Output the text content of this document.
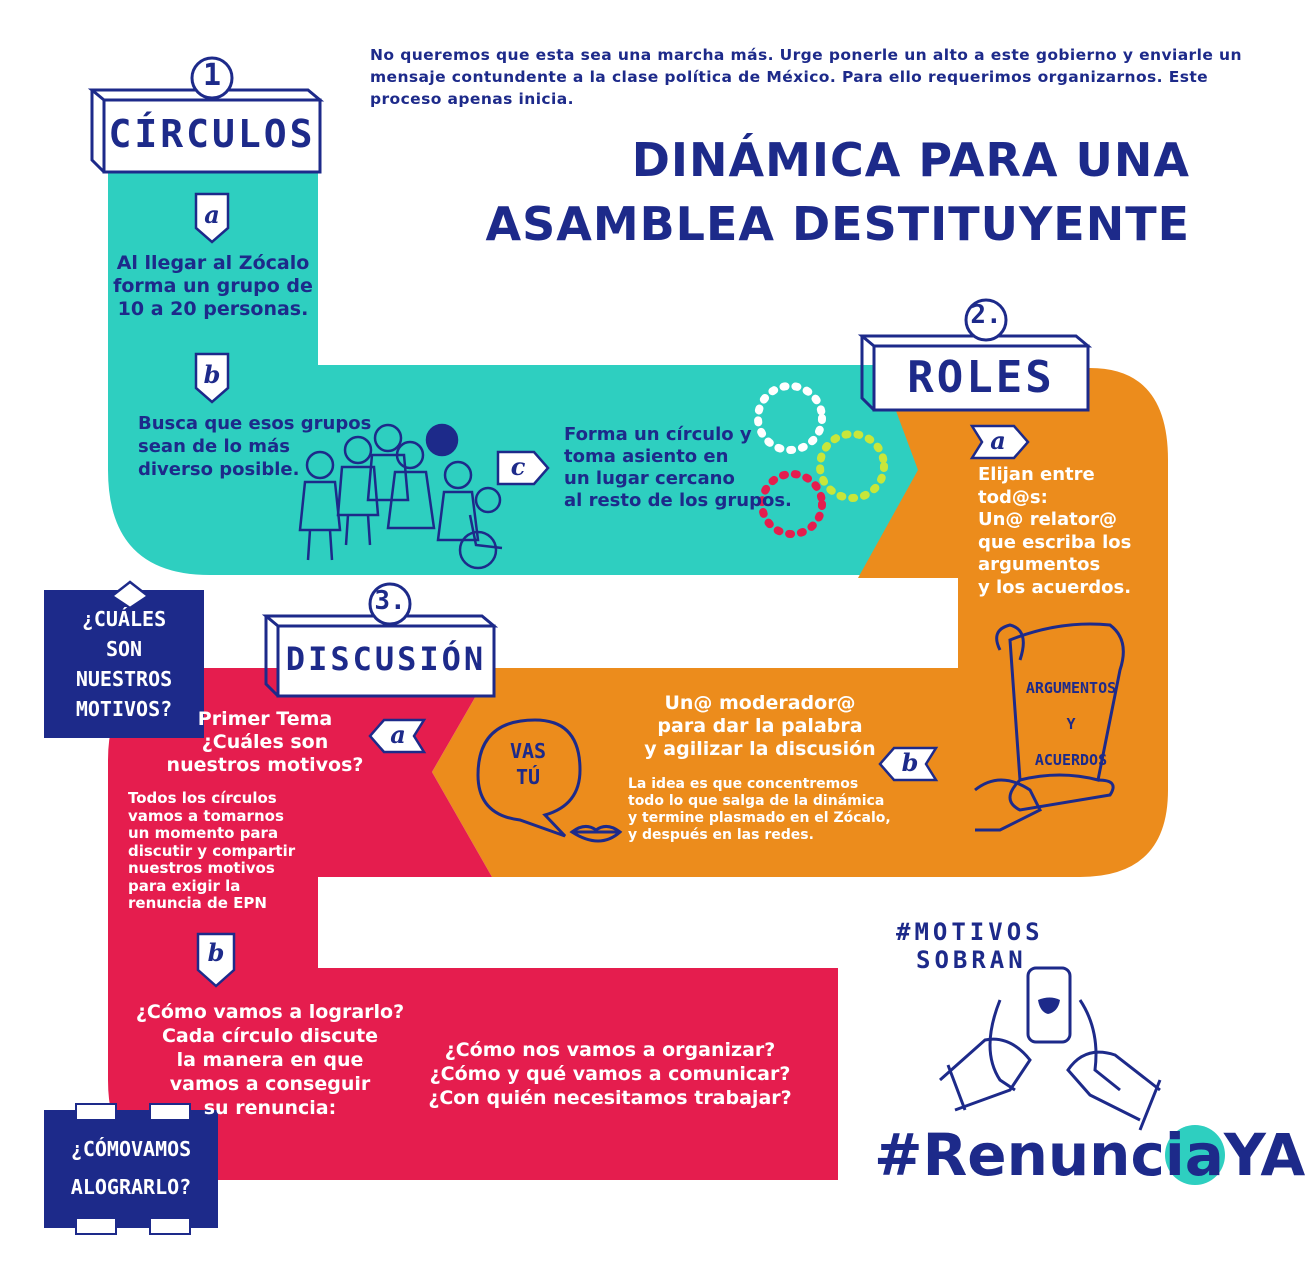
No queremos que esta sea una marcha más. Urge ponerle un alto a este gobierno y enviarle un mensaje contundente a la clase política de México. Para ello requerimos organizarnos. Este proceso apenas inicia.
DINÁMICA PARA UNA
ASAMBLEA DESTITUYENTE
1
2.
3.
CÍRCULOS
ROLES
DISCUSIÓN
a
b
c
a
b
a
b
Al llegar al Zócalo
forma un grupo de
10 a 20 personas.
Busca que esos grupos
sean de lo más
diverso posible.
Forma un círculo y
toma asiento en
un lugar cercano
al resto de los grupos.
Elijan entre
tod@s:
Un@ relator@
que escriba los
argumentos
y los acuerdos.
ARGUMENTOS
Y
ACUERDOS
Un@ moderador@
para dar la palabra
y agilizar la discusión
La idea es que concentremos
todo lo que salga de la dinámica
y termine plasmado en el Zócalo,
y después en las redes.
VAS
TÚ
Primer Tema
¿Cuáles son
nuestros motivos?
Todos los círculos
vamos a tomarnos
un momento para
discutir y compartir
nuestros motivos
para exigir la
renuncia de EPN
¿Cómo vamos a lograrlo?
Cada círculo discute
la manera en que
vamos a conseguir
su renuncia:
¿Cómo nos vamos a organizar?
¿Cómo y qué vamos a comunicar?
¿Con quién necesitamos trabajar?
¿CUÁLES
SON
NUESTROS
MOTIVOS?
¿CÓMOVAMOS
ALOGRARLO?
#MOTIVOS
SOBRAN
#RenunciaYA
